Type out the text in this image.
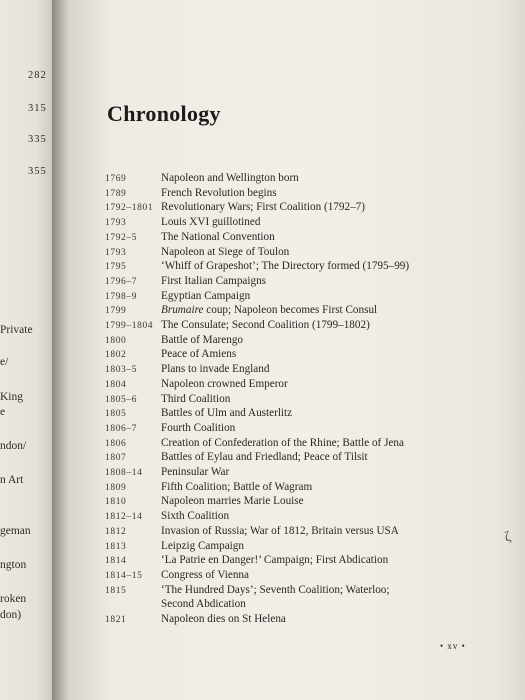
282
315
335
355
Private
e/
King
e
ndon/
n Art
geman
ngton
roken
don)
Chronology
1769	Napoleon and Wellington born
1789	French Revolution begins
1792–1801 Revolutionary Wars; First Coalition (1792–7)
1793	Louis XVI guillotined
1792–5 The National Convention
1793	Napoleon at Siege of Toulon
1795	‘Whiff of Grapeshot’; The Directory formed (1795–99)
1796–7 First Italian Campaigns
1798–9 Egyptian Campaign
1799	Brumaire coup; Napoleon becomes First Consul
1799–1804 The Consulate; Second Coalition (1799–1802)
1800	Battle of Marengo
1802	Peace of Amiens
1803–5 Plans to invade England
1804	Napoleon crowned Emperor
1805–6 Third Coalition
1805	Battles of Ulm and Austerlitz
1806–7 Fourth Coalition
1806	Creation of Confederation of the Rhine; Battle of Jena
1807	Battles of Eylau and Friedland; Peace of Tilsit
1808–14 Peninsular War
1809	Fifth Coalition; Battle of Wagram
1810	Napoleon marries Marie Louise
1812–14 Sixth Coalition
1812	Invasion of Russia; War of 1812, Britain versus USA
1813	Leipzig Campaign
1814	‘La Patrie en Danger!’ Campaign; First Abdication
1814–15 Congress of Vienna
1815	‘The Hundred Days’; Seventh Coalition; Waterloo;
Second Abdication
1821	Napoleon dies on St Helena
• xv •
ζ
